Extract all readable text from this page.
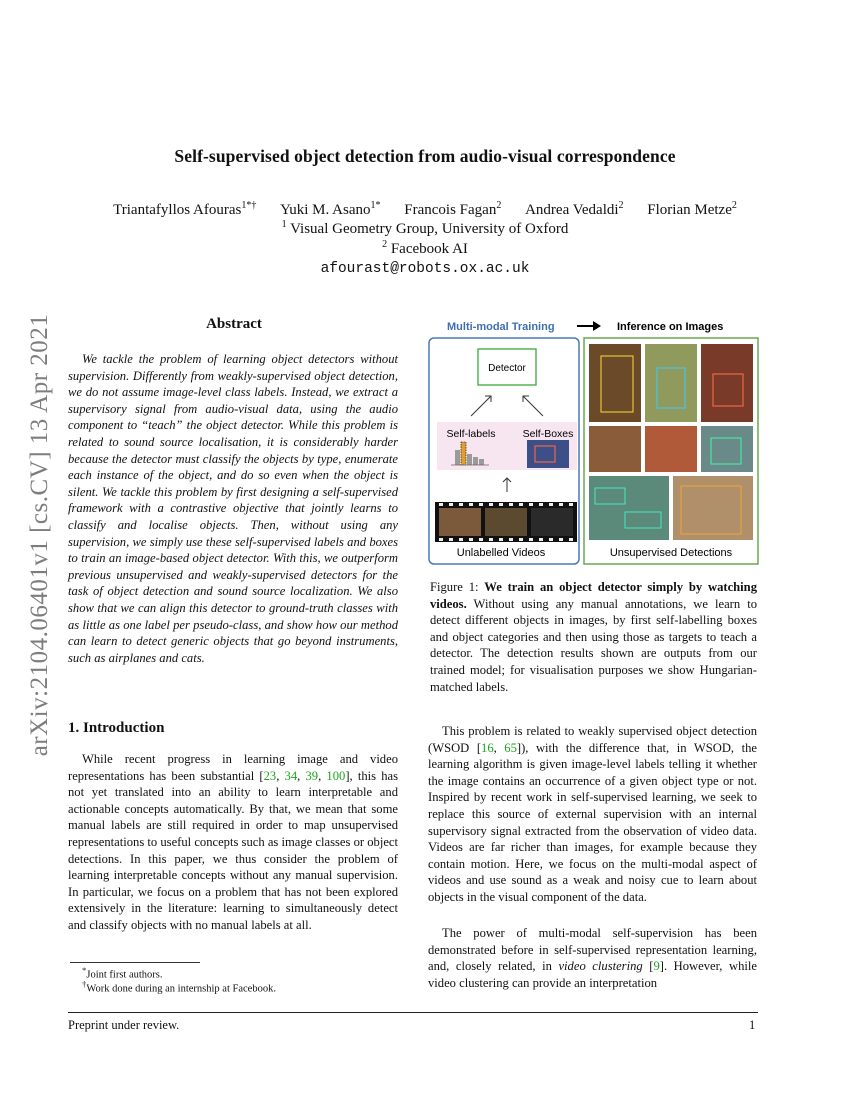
arXiv:2104.06401v1 [cs.CV] 13 Apr 2021
Self-supervised object detection from audio-visual correspondence
Triantafyllos Afouras$^{1*\dagger}$ Yuki M. Asano$^{1*}$ Francois Fagan$^2$ Andrea Vedaldi$^2$ Florian Metze$^2$
$^1$ Visual Geometry Group, University of Oxford
$^2$ Facebook AI
afourast@robots.ox.ac.uk
Abstract

We tackle the problem of learning object detectors without supervision. Differently from weakly-supervised object detection, we do not assume image-level class labels. Instead, we extract a supervisory signal from audio-visual data, using the audio component to “teach” the object detector. While this problem is related to sound source localisation, it is considerably harder because the detector must classify the objects by type, enumerate each instance of the object, and do so even when the object is silent. We tackle this problem by first designing a self-supervised framework with a contrastive objective that jointly learns to classify and localise objects. Then, without using any supervision, we simply use these self-supervised labels and boxes to train an image-based object detector. With this, we outperform previous unsupervised and weakly-supervised detectors for the task of object detection and sound source localization. We also show that we can align this detector to ground-truth classes with as little as one label per pseudo-class, and show how our method can learn to detect generic objects that go beyond instruments, such as airplanes and cats.

1. Introduction

While recent progress in learning image and video representations has been substantial [23, 34, 39, 100], this has not yet translated into an ability to learn interpretable and actionable concepts automatically. By that, we mean that some manual labels are still required in order to map unsupervised representations to useful concepts such as image classes or object detections. In this paper, we thus consider the problem of learning interpretable concepts without any manual supervision. In particular, we focus on a problem that has not been explored extensively in the literature: learning to simultaneously detect and classify objects with no manual labels at all.

*Joint first authors.
†Work done during an internship at Facebook.
Multi-modal Training	Inference on Images
Detector
Self-labels	Self-Boxes
Unlabelled Videos	Unsupervised Detections

Figure 1: We train an object detector simply by watching videos. Without using any manual annotations, we learn to detect different objects in images, by first self-labelling boxes and object categories and then using those as targets to teach a detector. The detection results shown are outputs from our trained model; for visualisation purposes we show Hungarian-matched labels.

This problem is related to weakly supervised object detection (WSOD [16, 65]), with the difference that, in WSOD, the learning algorithm is given image-level labels telling it whether the image contains an occurrence of a given object type or not. Inspired by recent work in self-supervised learning, we seek to replace this source of external supervision with an internal supervisory signal extracted from the observation of video data. Videos are far richer than images, for example because they contain motion. Here, we focus on the multi-modal aspect of videos and use sound as a weak and noisy cue to learn about objects in the visual component of the data.

The power of multi-modal self-supervision has been demonstrated before in self-supervised representation learning, and, closely related, in video clustering [9]. However, while video clustering can provide an interpretation

Preprint under review.	1
